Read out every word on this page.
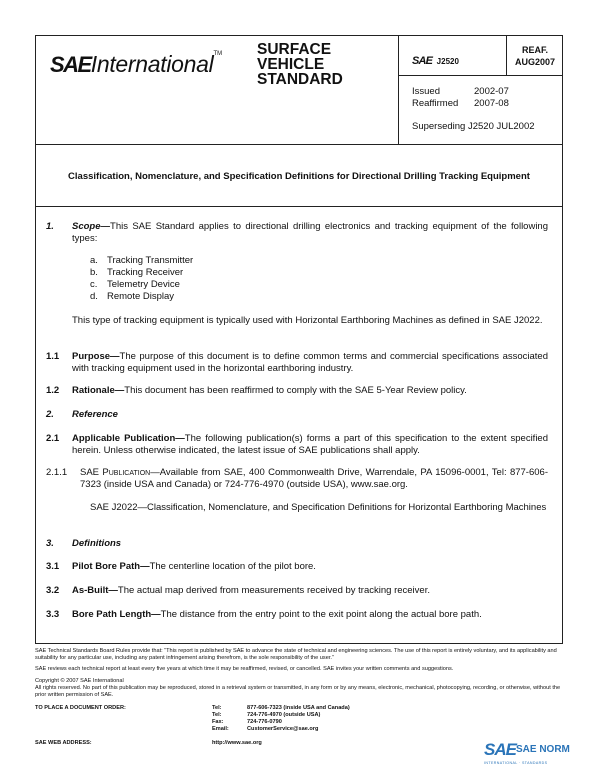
SAEInternational™ SURFACE
VEHICLE
STANDARD
SAE J2520
REAF.
AUG2007
Issued	2002-07
Reaffirmed 2007-08
Superseding J2520 JUL2002
Classification, Nomenclature, and Specification Definitions for Directional Drilling Tracking Equipment
1. Scope—This SAE Standard applies to directional drilling electronics and tracking equipment of the following types:
a. Tracking Transmitter
b. Tracking Receiver
c. Telemetry Device
d. Remote Display
This type of tracking equipment is typically used with Horizontal Earthboring Machines as defined in SAE J2022.
1.1 Purpose—The purpose of this document is to define common terms and commercial specifications associated with tracking equipment used in the horizontal earthboring industry.
1.2 Rationale—This document has been reaffirmed to comply with the SAE 5-Year Review policy.
2. Reference
2.1 Applicable Publication—The following publication(s) forms a part of this specification to the extent specified herein. Unless otherwise indicated, the latest issue of SAE publications shall apply.
2.1.1 SAE Publication—Available from SAE, 400 Commonwealth Drive, Warrendale, PA 15096-0001, Tel: 877-606-7323 (inside USA and Canada) or 724-776-4970 (outside USA), www.sae.org.
SAE J2022—Classification, Nomenclature, and Specification Definitions for Horizontal Earthboring Machines
3. Definitions
3.1 Pilot Bore Path—The centerline location of the pilot bore.
3.2 As-Built—The actual map derived from measurements received by tracking receiver.
3.3 Bore Path Length—The distance from the entry point to the exit point along the actual bore path.
SAE Technical Standards Board Rules provide that: “This report is published by SAE to advance the state of technical and engineering sciences. The use of this report is entirely voluntary, and its applicability and suitability for any particular use, including any patent infringement arising therefrom, is the sole responsibility of the user.”
SAE reviews each technical report at least every five years at which time it may be reaffirmed, revised, or cancelled. SAE invites your written comments and suggestions.
Copyright © 2007 SAE International
All rights reserved. No part of this publication may be reproduced, stored in a retrieval system or transmitted, in any form or by any means, electronic, mechanical, photocopying, recording, or otherwise, without the prior written permission of SAE.
TO PLACE A DOCUMENT ORDER:	Tel:	877-606-7323 (inside USA and Canada)
Tel:	724-776-4970 (outside USA)
Fax:	724-776-0790
Email:	CustomerService@sae.org
SAE WEB ADDRESS:	http://www.sae.org	SAE SAE NORM
INTERNATIONAL · STANDARDS
